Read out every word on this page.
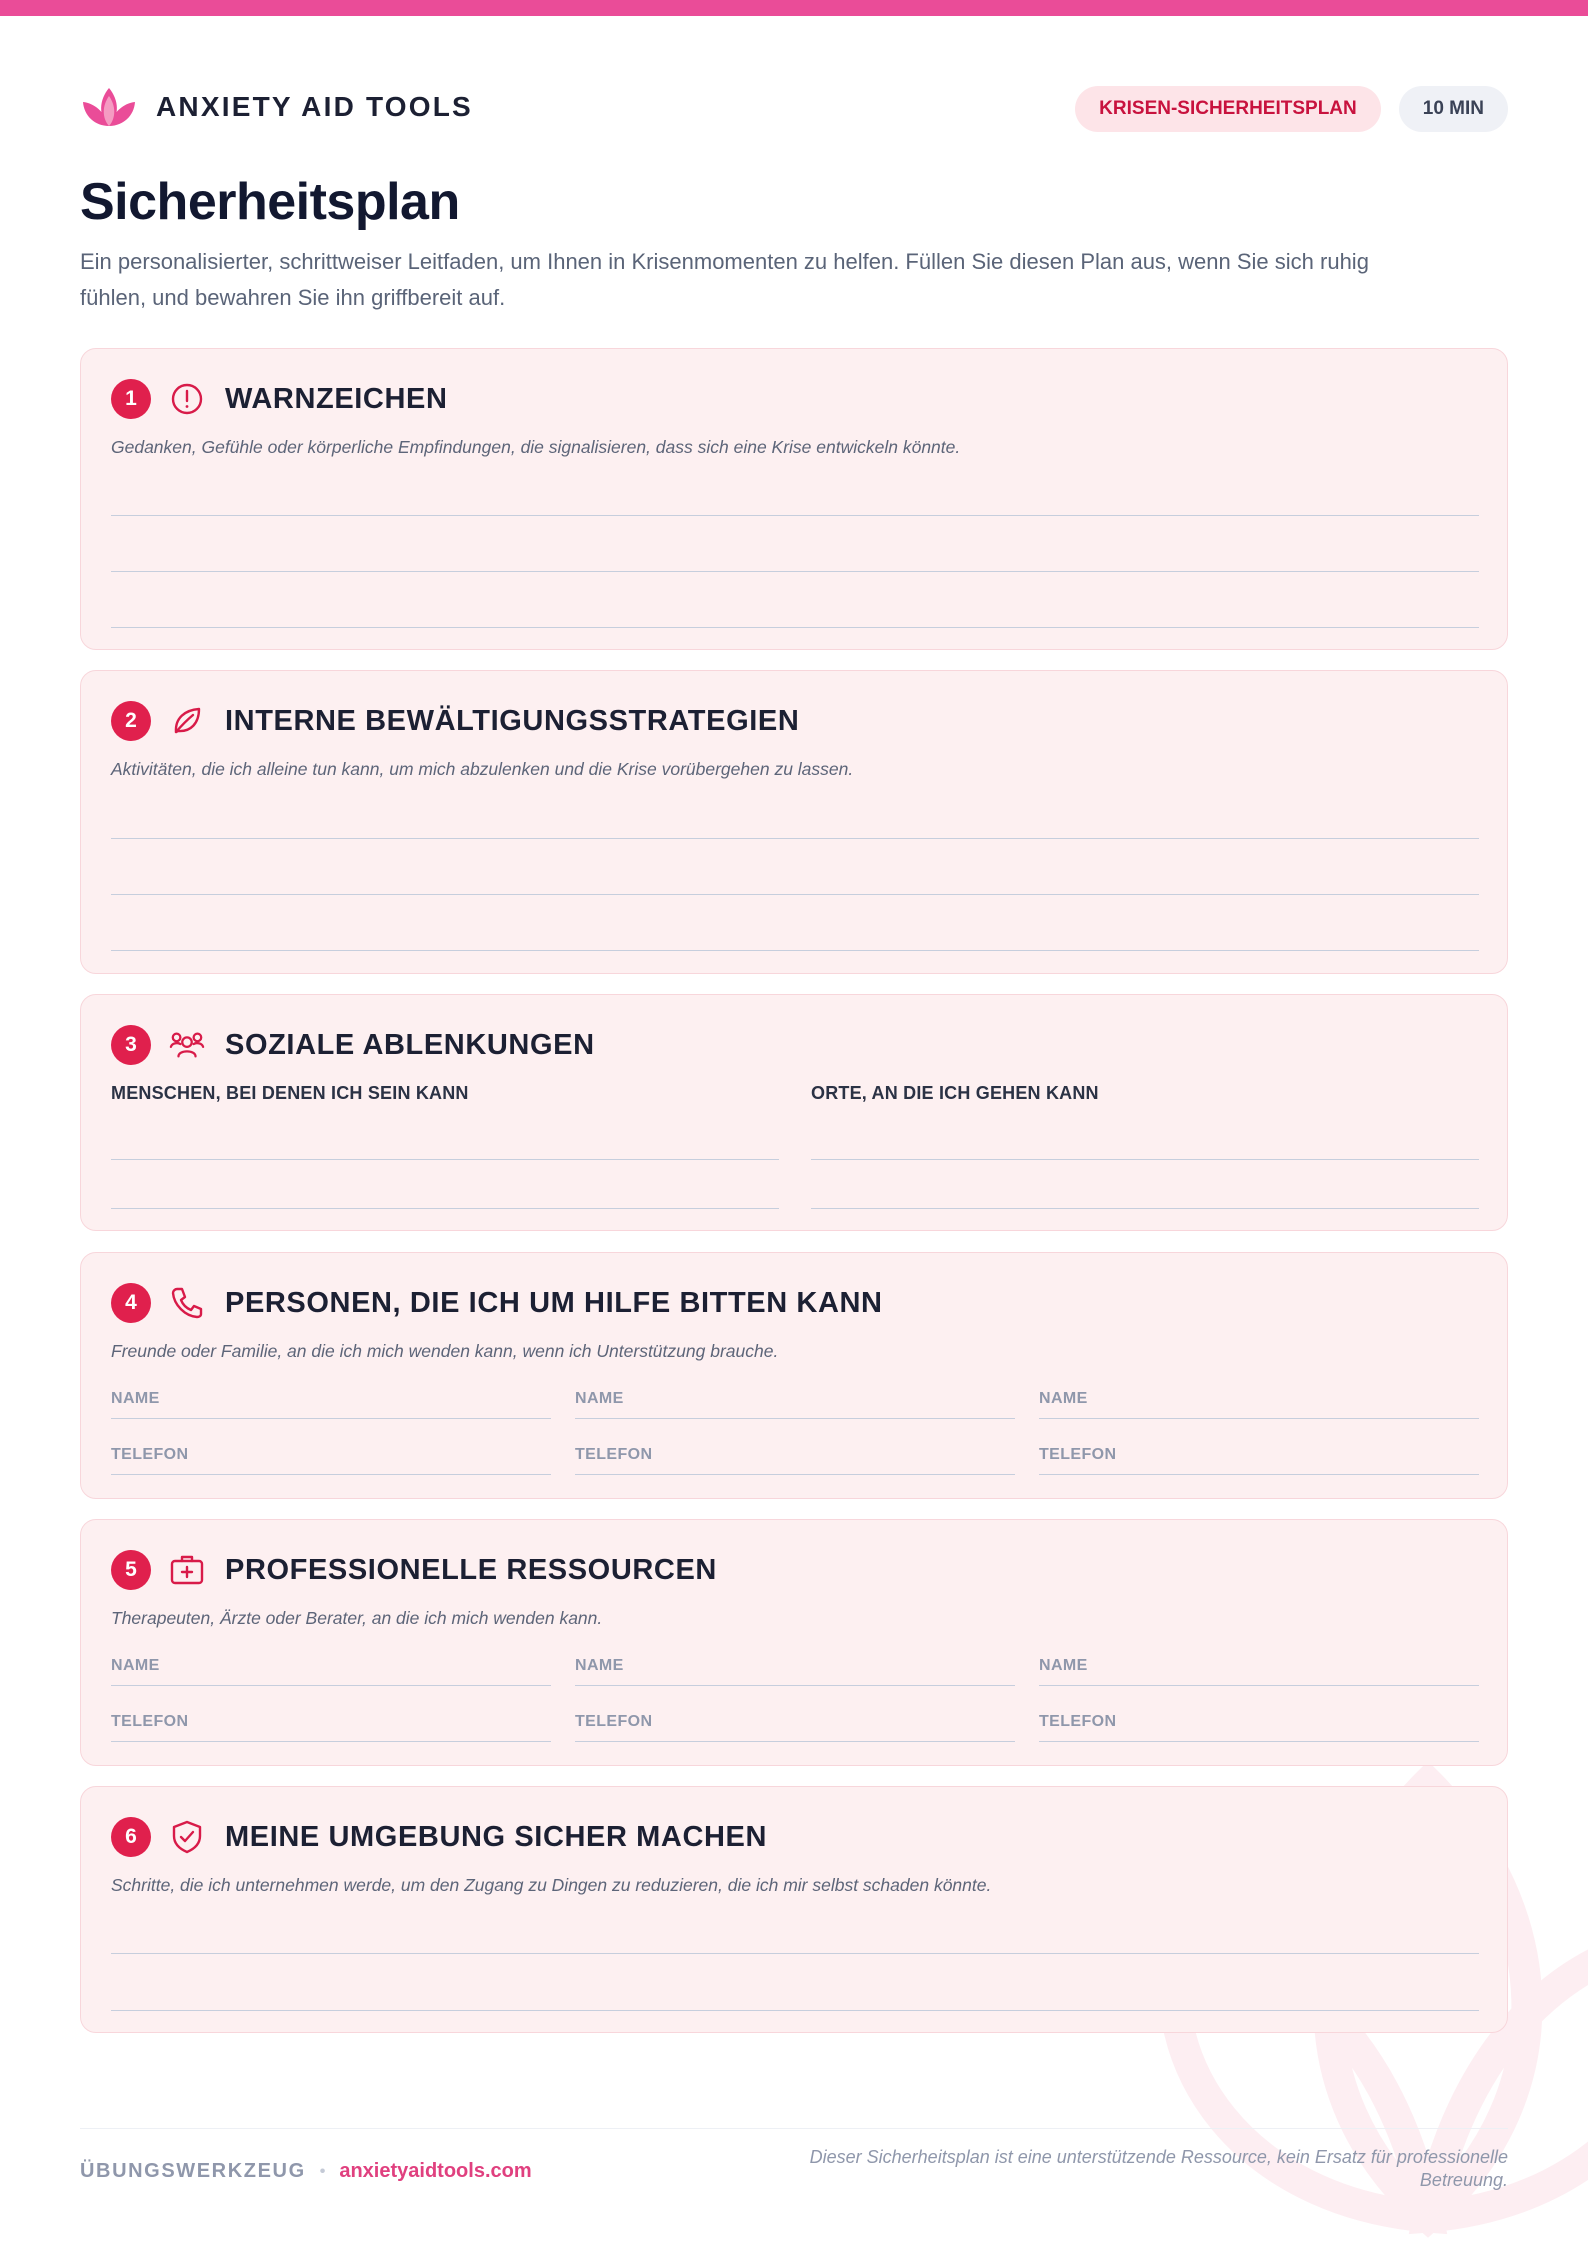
ANXIETY AID TOOLS	KRISEN-SICHERHEITSPLAN	10 MIN
Sicherheitsplan

Ein personalisierter, schrittweiser Leitfaden, um Ihnen in Krisenmomenten zu helfen. Füllen Sie diesen Plan aus, wenn Sie sich ruhig fühlen, und bewahren Sie ihn griffbereit auf.

1	WARNZEICHEN

Gedanken, Gefühle oder körperliche Empfindungen, die signalisieren, dass sich eine Krise entwickeln könnte.

2	INTERNE BEWÄLTIGUNGSSTRATEGIEN

Aktivitäten, die ich alleine tun kann, um mich abzulenken und die Krise vorübergehen zu lassen.

3	SOZIALE ABLENKUNGEN
MENSCHEN, BEI DENEN ICH SEIN KANN	ORTE, AN DIE ICH GEHEN KANN
4	PERSONEN, DIE ICH UM HILFE BITTEN KANN

Freunde oder Familie, an die ich mich wenden kann, wenn ich Unterstützung brauche.

NAME	NAME	NAME
TELEFON	TELEFON	TELEFON
5	PROFESSIONELLE RESSOURCEN

Therapeuten, Ärzte oder Berater, an die ich mich wenden kann.

NAME	NAME	NAME
TELEFON	TELEFON	TELEFON
6	MEINE UMGEBUNG SICHER MACHEN

Schritte, die ich unternehmen werde, um den Zugang zu Dingen zu reduzieren, die ich mir selbst schaden könnte.

ÜBUNGSWERKZEUG • anxietyaidtools.com

Dieser Sicherheitsplan ist eine unterstützende Ressource, kein Ersatz für professionelle Betreuung.
